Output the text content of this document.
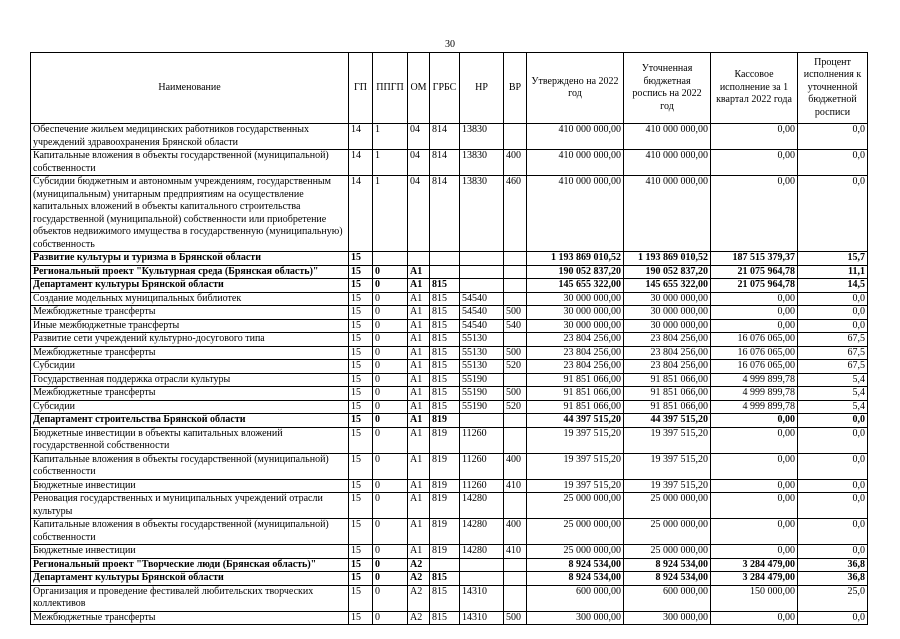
30
Наименование	ГП	ППГП	ОМ	ГРБС	НР	ВР	Утверждено на 2022 год	Уточненная бюджетная роспись на 2022 год	Кассовое исполнение за 1 квартал 2022 года	Процент исполнения к уточненной бюджетной росписи
Обеспечение жильем медицинских работников государственных учреждений здравоохранения Брянской области	14	1	04	814	13830		410 000 000,00	410 000 000,00	0,00	0,0
Капитальные вложения в объекты государственной (муниципальной) собственности	14	1	04	814	13830	400	410 000 000,00	410 000 000,00	0,00	0,0
Субсидии бюджетным и автономным учреждениям, государственным (муниципальным) унитарным предприятиям на осуществление капитальных вложений в объекты капитального строительства государственной (муниципальной) собственности или приобретение объектов недвижимого имущества в государственную (муниципальную) собственность	14	1	04	814	13830	460	410 000 000,00	410 000 000,00	0,00	0,0
Развитие культуры и туризма в Брянской области	15						1 193 869 010,52	1 193 869 010,52	187 515 379,37	15,7
Региональный проект "Культурная среда (Брянская область)"	15	0	А1				190 052 837,20	190 052 837,20	21 075 964,78	11,1
Департамент культуры Брянской области	15	0	А1	815			145 655 322,00	145 655 322,00	21 075 964,78	14,5
Создание модельных муниципальных библиотек	15	0	А1	815	54540		30 000 000,00	30 000 000,00	0,00	0,0
Межбюджетные трансферты	15	0	А1	815	54540	500	30 000 000,00	30 000 000,00	0,00	0,0
Иные межбюджетные трансферты	15	0	А1	815	54540	540	30 000 000,00	30 000 000,00	0,00	0,0
Развитие сети учреждений культурно-досугового типа	15	0	А1	815	55130		23 804 256,00	23 804 256,00	16 076 065,00	67,5
Межбюджетные трансферты	15	0	А1	815	55130	500	23 804 256,00	23 804 256,00	16 076 065,00	67,5
Субсидии	15	0	А1	815	55130	520	23 804 256,00	23 804 256,00	16 076 065,00	67,5
Государственная поддержка отрасли культуры	15	0	А1	815	55190		91 851 066,00	91 851 066,00	4 999 899,78	5,4
Межбюджетные трансферты	15	0	А1	815	55190	500	91 851 066,00	91 851 066,00	4 999 899,78	5,4
Субсидии	15	0	А1	815	55190	520	91 851 066,00	91 851 066,00	4 999 899,78	5,4
Департамент строительства Брянской области	15	0	А1	819			44 397 515,20	44 397 515,20	0,00	0,0
Бюджетные инвестиции в объекты капитальных вложений государственной собственности	15	0	А1	819	11260		19 397 515,20	19 397 515,20	0,00	0,0
Капитальные вложения в объекты государственной (муниципальной) собственности	15	0	А1	819	11260	400	19 397 515,20	19 397 515,20	0,00	0,0
Бюджетные инвестиции	15	0	А1	819	11260	410	19 397 515,20	19 397 515,20	0,00	0,0
Реновация государственных и муниципальных учреждений отрасли культуры	15	0	А1	819	14280		25 000 000,00	25 000 000,00	0,00	0,0
Капитальные вложения в объекты государственной (муниципальной) собственности	15	0	А1	819	14280	400	25 000 000,00	25 000 000,00	0,00	0,0
Бюджетные инвестиции	15	0	А1	819	14280	410	25 000 000,00	25 000 000,00	0,00	0,0
Региональный проект "Творческие люди (Брянская область)"	15	0	А2				8 924 534,00	8 924 534,00	3 284 479,00	36,8
Департамент культуры Брянской области	15	0	А2	815			8 924 534,00	8 924 534,00	3 284 479,00	36,8
Организация и проведение фестивалей любительских творческих коллективов	15	0	А2	815	14310		600 000,00	600 000,00	150 000,00	25,0
Межбюджетные трансферты	15	0	А2	815	14310	500	300 000,00	300 000,00	0,00	0,0
